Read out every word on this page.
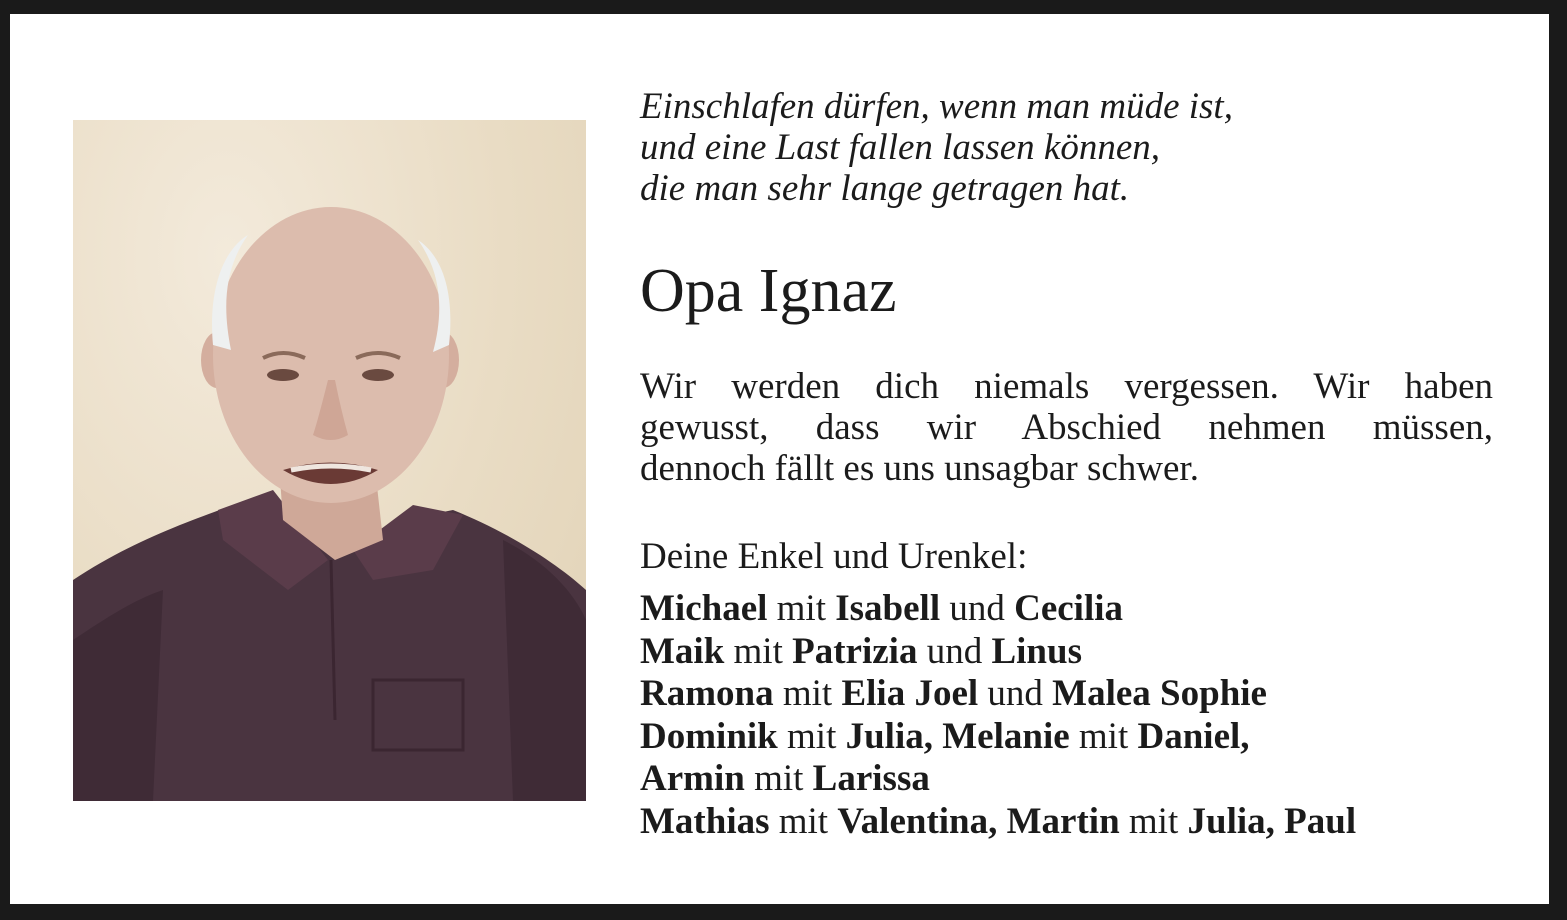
Einschlafen dürfen, wenn man müde ist,
und eine Last fallen lassen können,
die man sehr lange getragen hat.
Opa Ignaz
Wir werden dich niemals vergessen. Wir haben
gewusst, dass wir Abschied nehmen müssen,
dennoch fällt es uns unsagbar schwer.
Deine Enkel und Urenkel:
Michael mit Isabell und Cecilia
Maik mit Patrizia und Linus
Ramona mit Elia Joel und Malea Sophie
Dominik mit Julia, Melanie mit Daniel,
Armin mit Larissa
Mathias mit Valentina, Martin mit Julia, Paul
